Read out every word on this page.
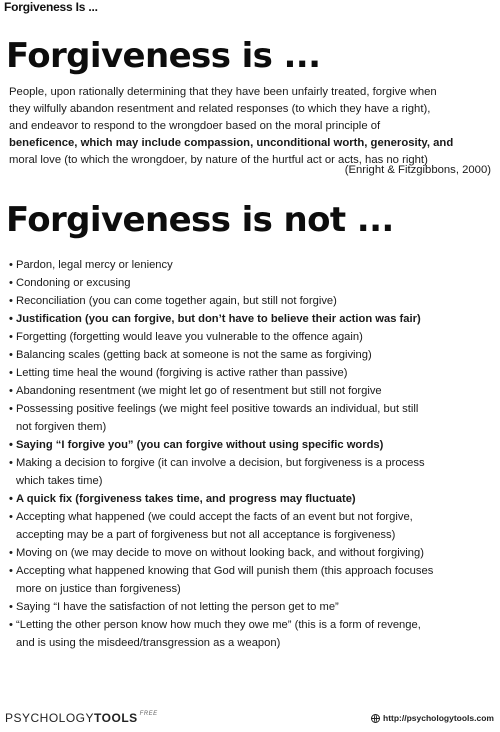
Forgiveness Is ...
Forgiveness is ...
People, upon rationally determining that they have been unfairly treated, forgive when
they wilfully abandon resentment and related responses (to which they have a right),
and endeavor to respond to the wrongdoer based on the moral principle of
beneficence, which may include compassion, unconditional worth, generosity, and
moral love (to which the wrongdoer, by nature of the hurtful act or acts, has no right)
(Enright & Fitzgibbons, 2000)
Forgiveness is not ...
• Pardon, legal mercy or leniency
• Condoning or excusing
• Reconciliation (you can come together again, but still not forgive)
• Justification (you can forgive, but don’t have to believe their action was fair)
• Forgetting (forgetting would leave you vulnerable to the offence again)
• Balancing scales (getting back at someone is not the same as forgiving)
• Letting time heal the wound (forgiving is active rather than passive)
• Abandoning resentment (we might let go of resentment but still not forgive
• Possessing positive feelings (we might feel positive towards an individual, but still
not forgiven them)
• Saying “I forgive you” (you can forgive without using specific words)
• Making a decision to forgive (it can involve a decision, but forgiveness is a process
which takes time)
• A quick fix (forgiveness takes time, and progress may fluctuate)
• Accepting what happened (we could accept the facts of an event but not forgive,
accepting may be a part of forgiveness but not all acceptance is forgiveness)
• Moving on (we may decide to move on without looking back, and without forgiving)
• Accepting what happened knowing that God will punish them (this approach focuses
more on justice than forgiveness)
• Saying “I have the satisfaction of not letting the person get to me”
• “Letting the other person know how much they owe me” (this is a form of revenge,
and is using the misdeed/transgression as a weapon)
PSYCHOLOGYTOOLS $^{FREE}$	http://psychologytools.com
